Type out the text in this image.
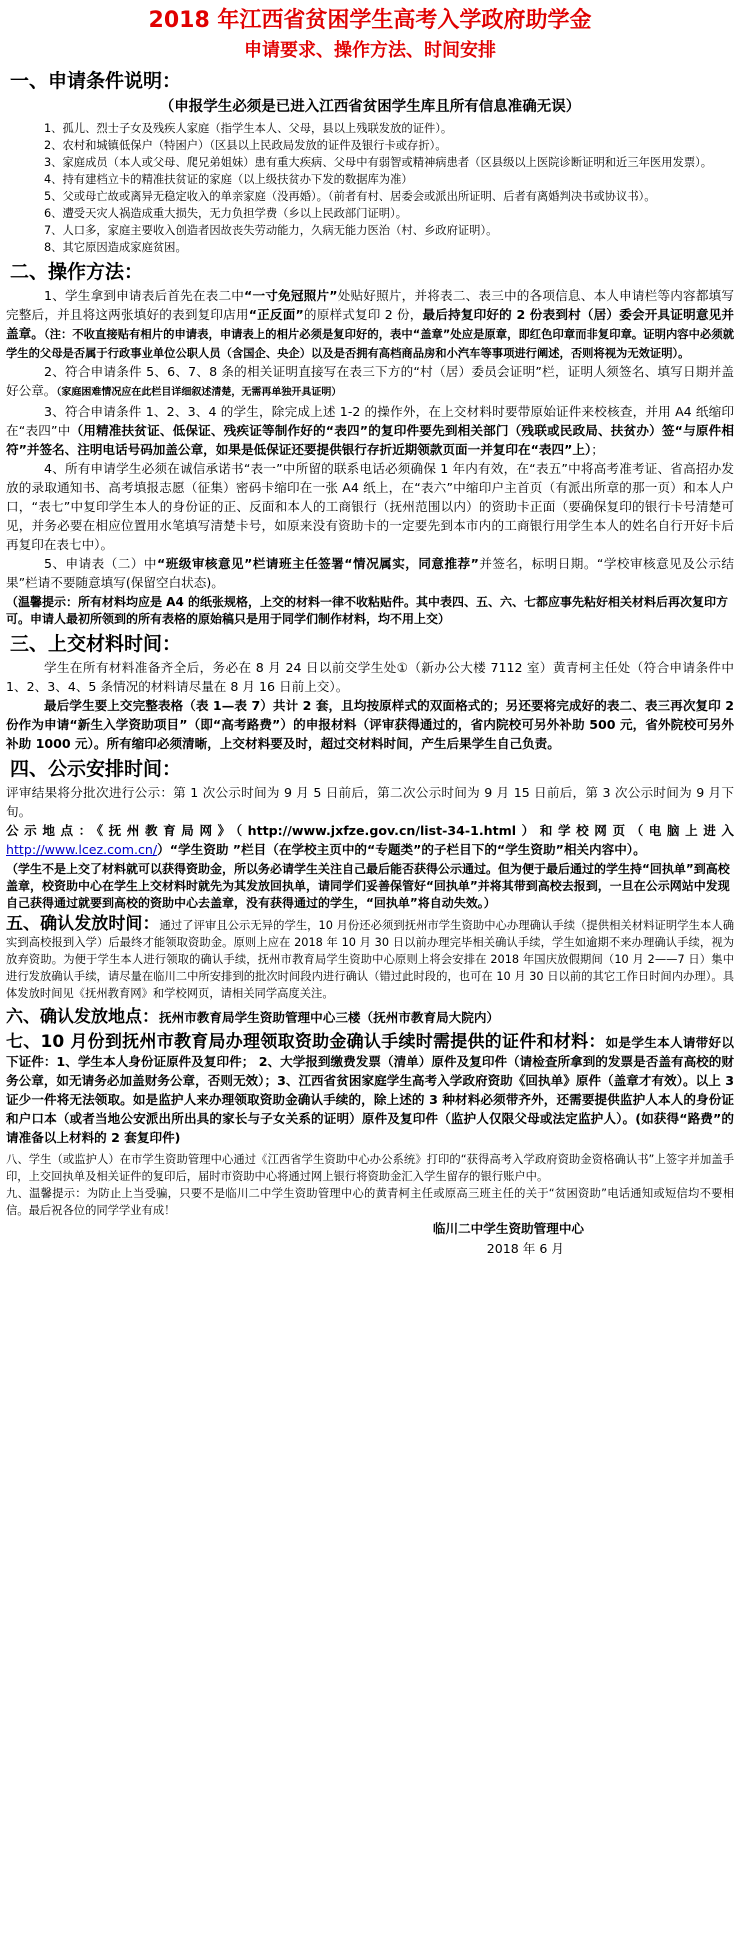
2018 年江西省贫困学生高考入学政府助学金
申请要求、操作方法、时间安排
一、申请条件说明：
（申报学生必须是已进入江西省贫困学生库且所有信息准确无误）

1、孤儿、烈士子女及残疾人家庭（指学生本人、父母，县以上残联发放的证件）。

2、农村和城镇低保户（特困户）（区县以上民政局发放的证件及银行卡或存折）。

3、家庭成员（本人或父母、爬兄弟姐妹）患有重大疾病、父母中有弱智或精神病患者（区县级以上医院诊断证明和近三年医用发票）。

4、持有建档立卡的精准扶贫证的家庭（以上级扶贫办下发的数据库为准）

5、父或母亡故或离异无稳定收入的单亲家庭（没再婚）。（前者有村、居委会或派出所证明、后者有离婚判决书或协议书）。

6、遭受天灾人祸造成重大损失，无力负担学费（乡以上民政部门证明）。

7、人口多，家庭主要收入创造者因故丧失劳动能力，久病无能力医治（村、乡政府证明）。

8、其它原因造成家庭贫困。

二、操作方法：

1、学生拿到申请表后首先在表二中“一寸免冠照片”处贴好照片，并将表二、表三中的各项信息、本人申请栏等内容都填写完整后，并且将这两张填好的表到复印店用“正反面”的原样式复印 2 份，最后持复印好的 2 份表到村（居）委会开具证明意见并盖章。（注：不收直接贴有相片的申请表，申请表上的相片必须是复印好的，表中“盖章”处应是原章，即红色印章而非复印章。证明内容中必须就学生的父母是否属于行政事业单位公职人员（含国企、央企）以及是否拥有高档商品房和小汽车等事项进行阐述，否则将视为无效证明）。

2、符合申请条件 5、6、7、8 条的相关证明直接写在表三下方的“村（居）委员会证明”栏，证明人须签名、填写日期并盖好公章。（家庭困难情况应在此栏目详细叙述清楚，无需再单独开具证明）

3、符合申请条件 1、2、3、4 的学生，除完成上述 1-2 的操作外，在上交材料时要带原始证件来校核查，并用 A4 纸缩印在“表四”中（用精准扶贫证、低保证、残疾证等制作好的“表四”的复印件要先到相关部门（残联或民政局、扶贫办）签“与原件相符”并签名、注明电话号码加盖公章，如果是低保证还要提供银行存折近期领款页面一并复印在“表四”上）；

4、所有申请学生必须在诚信承诺书“表一”中所留的联系电话必须确保 1 年内有效，在“表五”中将高考准考证、省高招办发放的录取通知书、高考填报志愿（征集）密码卡缩印在一张 A4 纸上，在“表六”中缩印户主首页（有派出所章的那一页）和本人户口，“表七”中复印学生本人的身份证的正、反面和本人的工商银行（抚州范围以内）的资助卡正面（要确保复印的银行卡号清楚可见，并务必要在相应位置用水笔填写清楚卡号，如原来没有资助卡的一定要先到本市内的工商银行用学生本人的姓名自行开好卡后再复印在表七中）。

5、申请表（二）中“班级审核意见”栏请班主任签署“情况属实，同意推荐”并签名，标明日期。“学校审核意见及公示结果”栏请不要随意填写(保留空白状态)。

（温馨提示：所有材料均应是 A4 的纸张规格，上交的材料一律不收粘贴件。其中表四、五、六、七都应事先粘好相关材料后再次复印方可。申请人最初所领到的所有表格的原始稿只是用于同学们制作材料，均不用上交）

三、上交材料时间：

学生在所有材料准备齐全后，务必在 8 月 24 日以前交学生处①（新办公大楼 7112 室）黄青柯主任处（符合申请条件中 1、2、3、4、5 条情况的材料请尽量在 8 月 16 日前上交）。

最后学生要上交完整表格（表 1—表 7）共计 2 套，且均按原样式的双面格式的；另还要将完成好的表二、表三再次复印 2 份作为申请“新生入学资助项目”（即“高考路费”）的申报材料（评审获得通过的，省内院校可另外补助 500 元，省外院校可另外补助 1000 元）。所有缩印必须清晰，上交材料要及时，超过交材料时间，产生后果学生自己负责。

四、公示安排时间：

评审结果将分批次进行公示：第 1 次公示时间为 9 月 5 日前后，第二次公示时间为 9 月 15 日前后，第 3 次公示时间为 9 月下旬。

公示地点：《抚州教育局网》（http://www.jxfze.gov.cn/list-34-1.html）和学校网页（电脑上进入http://www.lcez.com.cn/）“学生资助 ”栏目（在学校主页中的“专题类”的子栏目下的“学生资助”相关内容中）。

（学生不是上交了材料就可以获得资助金，所以务必请学生关注自己最后能否获得公示通过。但为便于最后通过的学生持“回执单”到高校盖章，校资助中心在学生上交材料时就先为其发放回执单，请同学们妥善保管好“回执单”并将其带到高校去报到，一旦在公示网站中发现自己获得通过就要到高校的资助中心去盖章，没有获得通过的学生，“回执单”将自动失效。）

五、确认发放时间：通过了评审且公示无异的学生，10 月份还必须到抚州市学生资助中心办理确认手续（提供相关材料证明学生本人确实到高校报到入学）后最终才能领取资助金。原则上应在 2018 年 10 月 30 日以前办理完毕相关确认手续，学生如逾期不来办理确认手续，视为放弃资助。为便于学生本人进行领取的确认手续，抚州市教育局学生资助中心原则上将会安排在 2018 年国庆放假期间（10 月 2——7 日）集中进行发放确认手续，请尽量在临川二中所安排到的批次时间段内进行确认（错过此时段的，也可在 10 月 30 日以前的其它工作日时间内办理）。具体发放时间见《抚州教育网》和学校网页，请相关同学高度关注。

六、确认发放地点：抚州市教育局学生资助管理中心三楼（抚州市教育局大院内）

七、10 月份到抚州市教育局办理领取资助金确认手续时需提供的证件和材料：如是学生本人请带好以下证件：1、学生本人身份证原件及复印件； 2、大学报到缴费发票（清单）原件及复印件（请检查所拿到的发票是否盖有高校的财务公章，如无请务必加盖财务公章，否则无效）；3、江西省贫困家庭学生高考入学政府资助《回执单》原件（盖章才有效）。以上 3 证少一件将无法领取。如是监护人来办理领取资助金确认手续的，除上述的 3 种材料必须带齐外，还需要提供监护人本人的身份证和户口本（或者当地公安派出所出具的家长与子女关系的证明）原件及复印件（监护人仅限父母或法定监护人）。(如获得“路费”的请准备以上材料的 2 套复印件)

八、学生（或监护人）在市学生资助管理中心通过《江西省学生资助中心办公系统》打印的“获得高考入学政府资助金资格确认书”上签字并加盖手印，上交回执单及相关证件的复印后，届时市资助中心将通过网上银行将资助金汇入学生留存的银行账户中。

九、温馨提示：为防止上当受骗，只要不是临川二中学生资助管理中心的黄青柯主任或原高三班主任的关于“贫困资助”电话通知或短信均不要相信。最后祝各位的同学学业有成！

临川二中学生资助管理中心
2018 年 6 月
